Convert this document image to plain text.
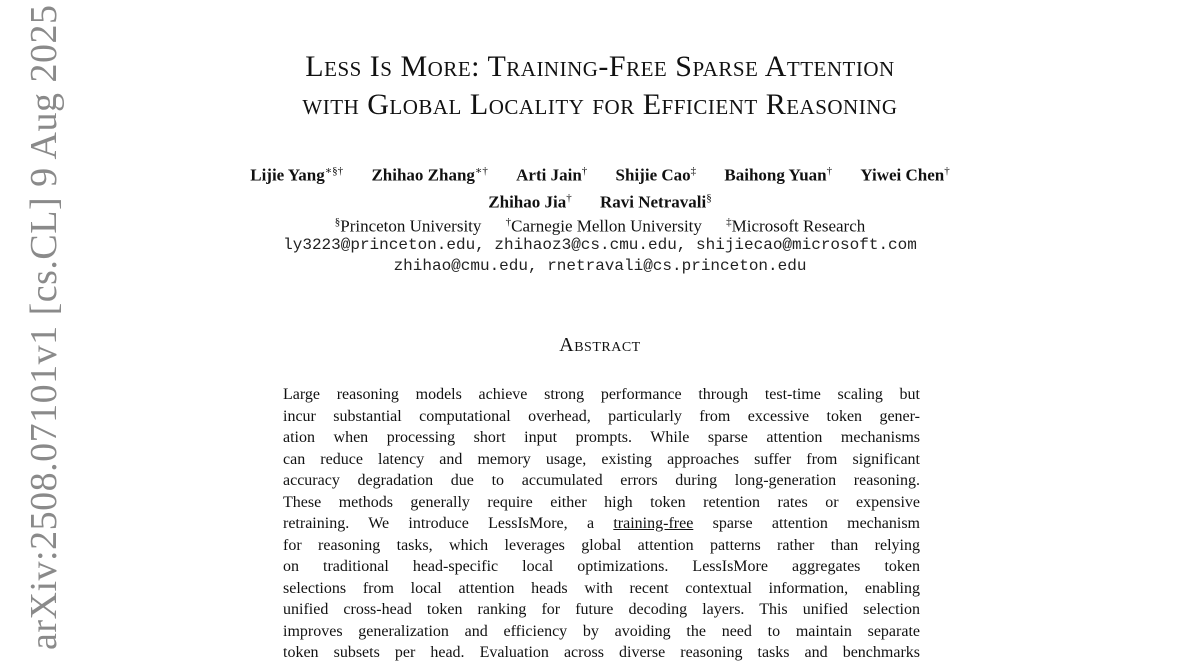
Less Is More: Training-Free Sparse Attention
with Global Locality for Efficient Reasoning
Lijie Yang∗§† Zhihao Zhang∗† Arti Jain† Shijie Cao‡ Baihong Yuan† Yiwei Chen†
Zhihao Jia† Ravi Netravali§
§Princeton University †Carnegie Mellon University ‡Microsoft Research
ly3223@princeton.edu, zhihaoz3@cs.cmu.edu, shijiecao@microsoft.com
zhihao@cmu.edu, rnetravali@cs.princeton.edu
Abstract
Large reasoning models achieve strong performance through test-time scaling but
incur substantial computational overhead, particularly from excessive token gener-
ation when processing short input prompts. While sparse attention mechanisms
can reduce latency and memory usage, existing approaches suffer from significant
accuracy degradation due to accumulated errors during long-generation reasoning.
These methods generally require either high token retention rates or expensive
retraining. We introduce LessIsMore, a training-free sparse attention mechanism
for reasoning tasks, which leverages global attention patterns rather than relying
on traditional head-specific local optimizations. LessIsMore aggregates token
selections from local attention heads with recent contextual information, enabling
unified cross-head token ranking for future decoding layers. This unified selection
improves generalization and efficiency by avoiding the need to maintain separate
token subsets per head. Evaluation across diverse reasoning tasks and benchmarks
arXiv:2508.07101v1 [cs.CL] 9 Aug 2025
